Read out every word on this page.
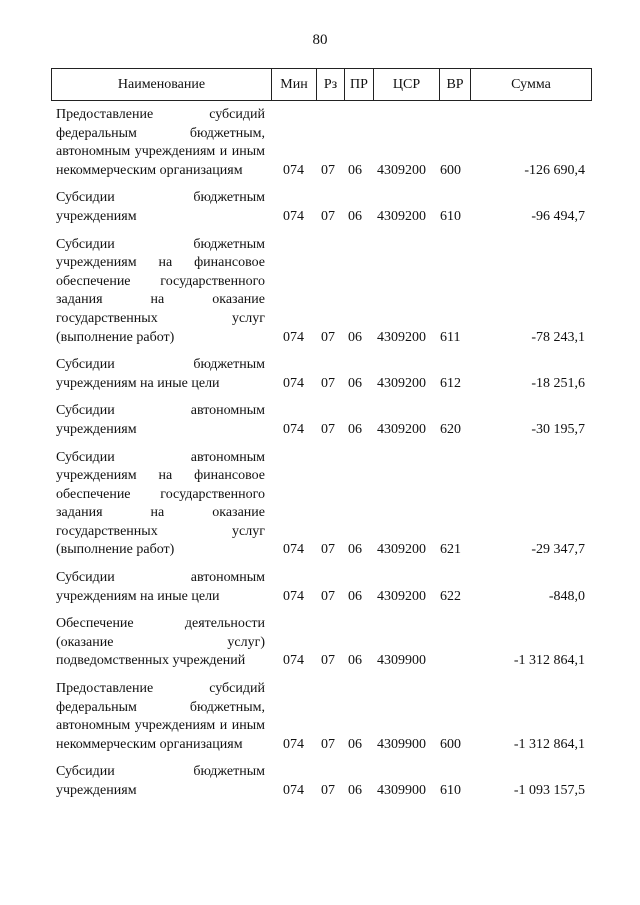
80
Наименование	Мин	Рз ПР	ЦСР	ВР	Сумма
Предоставление субсидий федеральным бюджетным, автономным учреждениям и иным некоммерческим организациям	074 07 06 4309200 600	-126 690,4
Субсидии бюджетным учреждениям	074 07 06 4309200 610	-96 494,7
Субсидии бюджетным учреждениям на финансовое обеспечение государственного задания на оказание государственных услуг (выполнение работ)	074 07 06 4309200 611	-78 243,1
Субсидии бюджетным учреждениям на иные цели	074 07 06 4309200 612	-18 251,6
Субсидии автономным учреждениям	074 07 06 4309200 620	-30 195,7
Субсидии автономным учреждениям на финансовое обеспечение государственного задания на оказание государственных услуг (выполнение работ)	074 07 06 4309200 621	-29 347,7
Субсидии автономным учреждениям на иные цели	074 07 06 4309200 622	-848,0
Обеспечение деятельности (оказание услуг) подведомственных учреждений	074 07 06 4309900	-1 312 864,1
Предоставление субсидий федеральным бюджетным, автономным учреждениям и иным некоммерческим организациям	074 07 06 4309900 600	-1 312 864,1
Субсидии бюджетным учреждениям	074 07 06 4309900 610	-1 093 157,5
